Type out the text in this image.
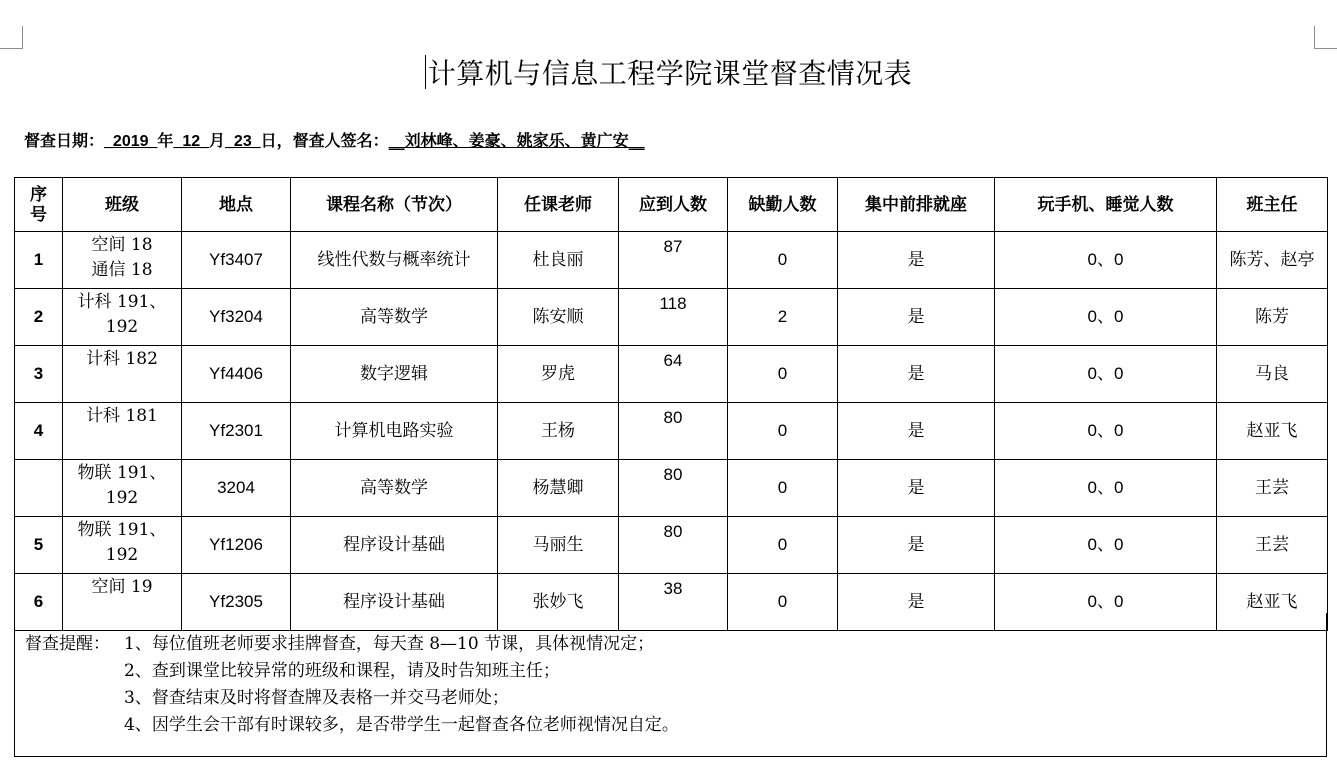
计算机与信息工程学院课堂督查情况表
督查日期：_2019_年_12_月_23_日，督查人签名：__刘林峰、姜豪、姚家乐、黄广安__
序号	班级	地点	课程名称（节次）	任课老师	应到人数	缺勤人数	集中前排就座	玩手机、睡觉人数	班主任
1	空间 18
通信 18	Yf3407	线性代数与概率统计	杜良丽	87	0	是	0、0	陈芳、赵亭
2	计科 191、
192	Yf3204	高等数学	陈安顺	118	2	是	0、0	陈芳
3	计科 182	Yf4406	数字逻辑	罗虎	64	0	是	0、0	马良
4	计科 181	Yf2301	计算机电路实验	王杨	80	0	是	0、0	赵亚飞

	物联 191、
192	3204	高等数学	杨慧卿	80	0	是	0、0	王芸
5	物联 191、
192	Yf1206	程序设计基础	马丽生	80	0	是	0、0	王芸
6	空间 19	Yf2305	程序设计基础	张妙飞	38	0	是	0、0	赵亚飞
督查提醒： 1、每位值班老师要求挂牌督查，每天查 8—10 节课，具体视情况定；
2、查到课堂比较异常的班级和课程，请及时告知班主任；
3、督查结束及时将督查牌及表格一并交马老师处；
4、因学生会干部有时课较多，是否带学生一起督查各位老师视情况自定。
